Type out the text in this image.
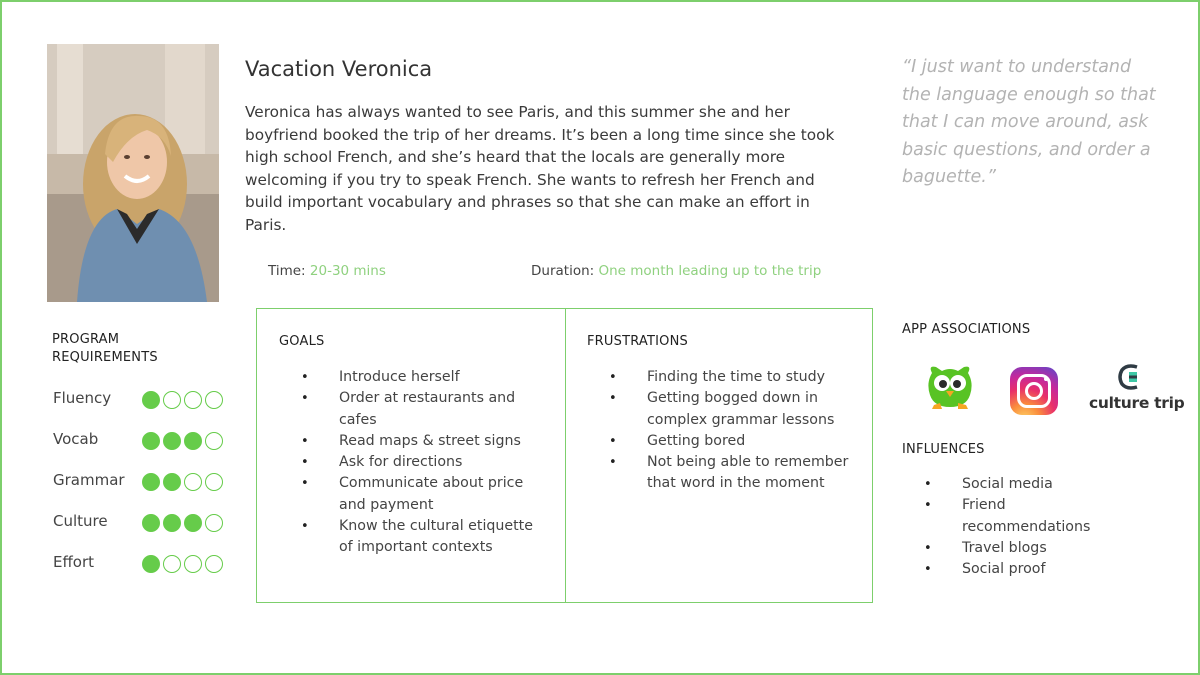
Vacation Veronica
Veronica has always wanted to see Paris, and this summer she and her boyfriend booked the trip of her dreams. It’s been a long time since she took high school French, and she’s heard that the locals are generally more welcoming if you try to speak French. She wants to refresh her French and build important vocabulary and phrases so that she can make an effort in Paris.
“I just want to understand the language enough so that that I can move around, ask basic questions, and order a baguette.”
Time: 20-30 mins	Duration: One month leading up to the trip
PROGRAM REQUIREMENTS
Fluency
Vocab
Grammar
Culture
Effort
GOALS
• Introduce herself
• Order at restaurants and cafes
• Read maps & street signs
• Ask for directions
• Communicate about price and payment
• Know the cultural etiquette of important contexts
FRUSTRATIONS
• Finding the time to study
• Getting bogged down in complex grammar lessons
• Getting bored
• Not being able to remember that word in the moment
APP ASSOCIATIONS
culture trip
INFLUENCES
• Social media
• Friend recommendations
• Travel blogs
• Social proof
